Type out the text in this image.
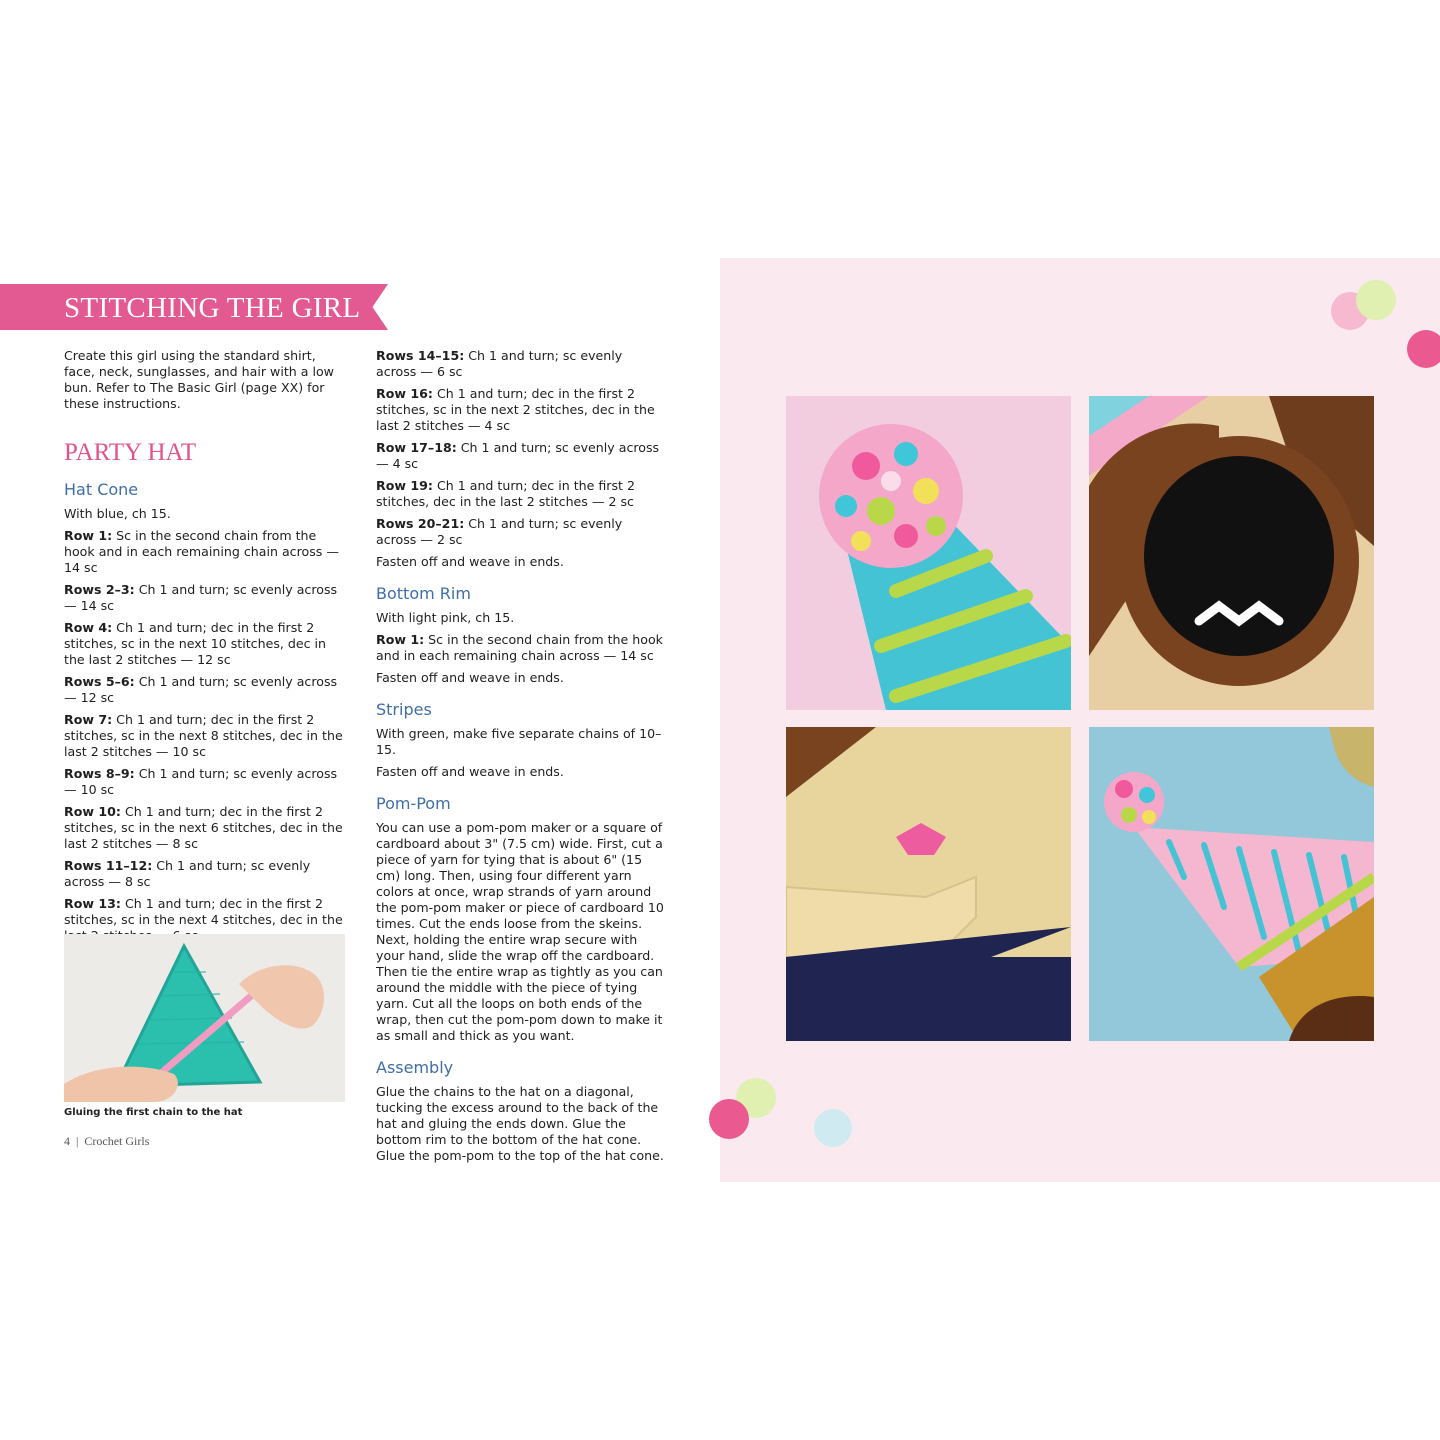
STITCHING THE GIRL

Create this girl using the standard shirt, face, neck, sunglasses, and hair with a low bun. Refer to The Basic Girl (page XX) for these instructions.

PARTY HAT
Hat Cone

With blue, ch 15.

Row 1: Sc in the second chain from the hook and in each remaining chain across — 14 sc

Rows 2–3: Ch 1 and turn; sc evenly across — 14 sc

Row 4: Ch 1 and turn; dec in the first 2 stitches, sc in the next 10 stitches, dec in the last 2 stitches — 12 sc

Rows 5–6: Ch 1 and turn; sc evenly across — 12 sc

Row 7: Ch 1 and turn; dec in the first 2 stitches, sc in the next 8 stitches, dec in the last 2 stitches — 10 sc

Rows 8–9: Ch 1 and turn; sc evenly across — 10 sc

Row 10: Ch 1 and turn; dec in the first 2 stitches, sc in the next 6 stitches, dec in the last 2 stitches — 8 sc

Rows 11–12: Ch 1 and turn; sc evenly across — 8 sc

Row 13: Ch 1 and turn; dec in the first 2 stitches, sc in the next 4 stitches, dec in the

Gluing the first chain to the hat
4 | Crochet Girls

Rows 14–15: Ch 1 and turn; sc evenly across — 6 sc

Row 16: Ch 1 and turn; dec in the first 2 stitches, sc in the next 2 stitches, dec in the last 2 stitches — 4 sc

Row 17–18: Ch 1 and turn; sc evenly across — 4 sc

Row 19: Ch 1 and turn; dec in the first 2 stitches, dec in the last 2 stitches — 2 sc

Rows 20–21: Ch 1 and turn; sc evenly across — 2 sc

Fasten off and weave in ends.

Bottom Rim

With light pink, ch 15.

Row 1: Sc in the second chain from the hook and in each remaining chain across — 14 sc

Fasten off and weave in ends.

Stripes

With green, make five separate chains of 10–15.

Fasten off and weave in ends.

Pom-Pom

You can use a pom-pom maker or a square of cardboard about 3" (7.5 cm) wide. First, cut a piece of yarn for tying that is about 6" (15 cm) long. Then, using four different yarn colors at once, wrap strands of yarn around the pom-pom maker or piece of cardboard 10 times. Cut the ends loose from the skeins. Next, holding the entire wrap secure with your hand, slide the wrap off the cardboard. Then tie the entire wrap as tightly as you can around the middle with the piece of tying yarn. Cut all the loops on both ends of the wrap, then cut the pom-pom down to make it as small and thick as you want.

Assembly

Glue the chains to the hat on a diagonal, tucking the excess around to the back of the hat and gluing the ends down. Glue the bottom rim to the bottom of the hat cone. Glue the pom-pom to the top of the hat cone.
